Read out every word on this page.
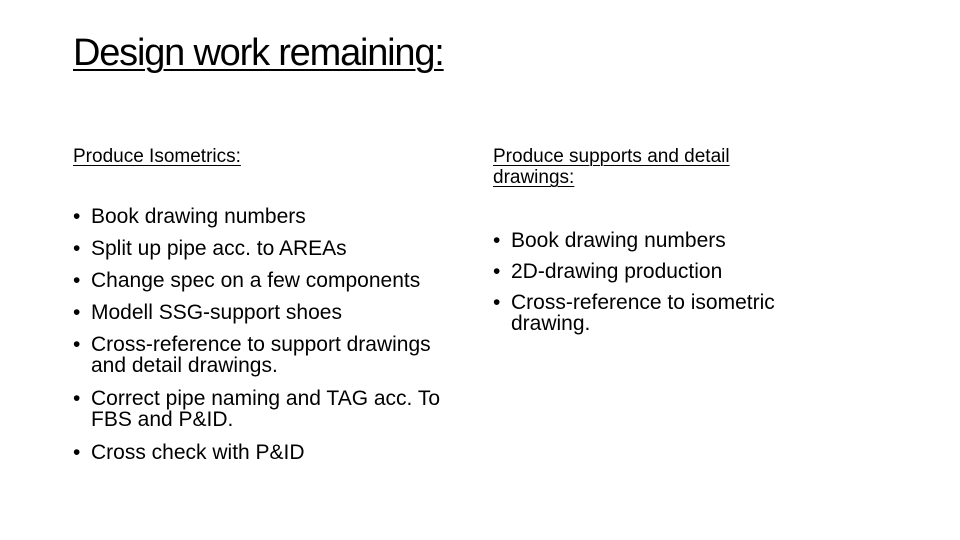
Design work remaining:
Produce Isometrics:
• Book drawing numbers
• Split up pipe acc. to AREAs
• Change spec on a few components
• Modell SSG-support shoes
• Cross-reference to support drawings and detail drawings.
• Correct pipe naming and TAG acc. To FBS and P&ID.
• Cross check with P&ID
Produce supports and detail drawings:
• Book drawing numbers
• 2D-drawing production
• Cross-reference to isometric drawing.
